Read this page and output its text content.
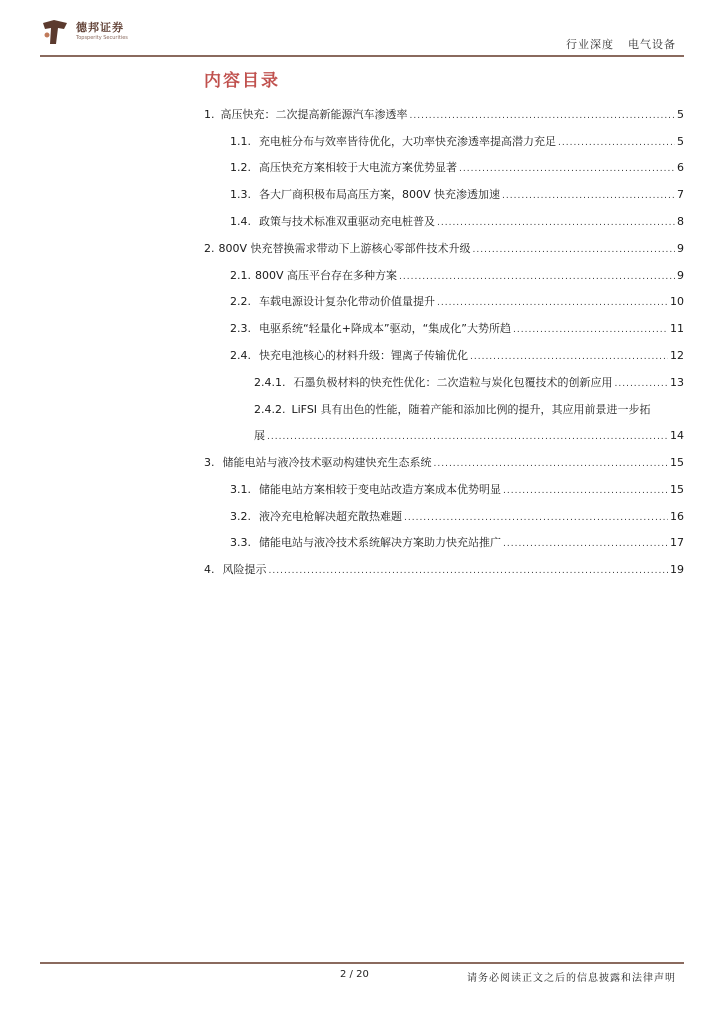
德邦证券
Topsperity Securities	行业深度 电气设备
内容目录
1. 高压快充：二次提高新能源汽车渗透率 .....	5
1.1. 充电桩分布与效率皆待优化，大功率快充渗透率提高潜力充足 .....	5
1.2. 高压快充方案相较于大电流方案优势显著 .....	6
1.3. 各大厂商积极布局高压方案，800V 快充渗透加速 .....	7
1.4. 政策与技术标准双重驱动充电桩普及 .....	8
2. 800V 快充替换需求带动下上游核心零部件技术升级 .....	9
2.1. 800V 高压平台存在多种方案 .....	9
2.2. 车载电源设计复杂化带动价值量提升 .....	10
2.3. 电驱系统“轻量化+降成本”驱动，“集成化”大势所趋 .....	11
2.4. 快充电池核心的材料升级：锂离子传输优化 .....	12
2.4.1. 石墨负极材料的快充性优化：二次造粒与炭化包覆技术的创新应用 .....	13
2.4.2. LiFSI 具有出色的性能，随着产能和添加比例的提升，其应用前景进一步拓
展 .....	14
3. 储能电站与液冷技术驱动构建快充生态系统 .....	15
3.1. 储能电站方案相较于变电站改造方案成本优势明显 .....	15
3.2. 液冷充电枪解决超充散热难题 .....	16
3.3. 储能电站与液冷技术系统解决方案助力快充站推广 .....	17
4. 风险提示 .....	19
2 / 20	请务必阅读正文之后的信息披露和法律声明
